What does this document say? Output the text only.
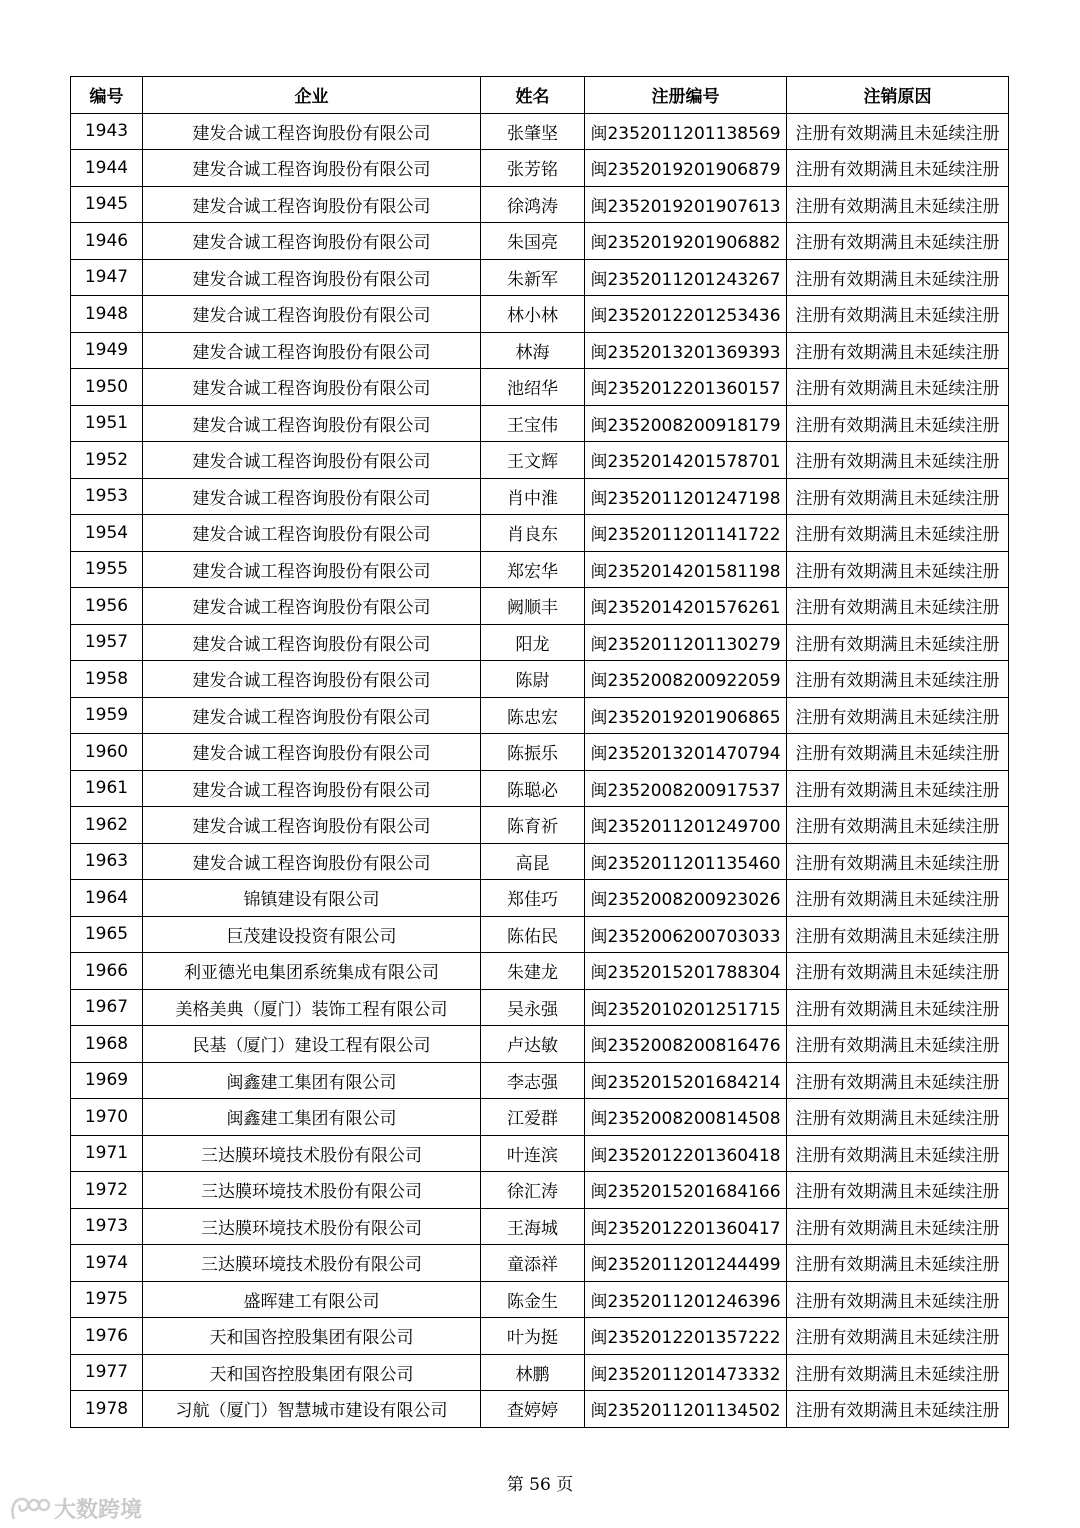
编号	企业	姓名	注册编号	注销原因
1943	建发合诚工程咨询股份有限公司	张肇坚	闽2352011201138569	注册有效期满且未延续注册
1944	建发合诚工程咨询股份有限公司	张芳铭	闽2352019201906879	注册有效期满且未延续注册
1945	建发合诚工程咨询股份有限公司	徐鸿涛	闽2352019201907613	注册有效期满且未延续注册
1946	建发合诚工程咨询股份有限公司	朱国亮	闽2352019201906882	注册有效期满且未延续注册
1947	建发合诚工程咨询股份有限公司	朱新军	闽2352011201243267	注册有效期满且未延续注册
1948	建发合诚工程咨询股份有限公司	林小林	闽2352012201253436	注册有效期满且未延续注册
1949	建发合诚工程咨询股份有限公司	林海	闽2352013201369393	注册有效期满且未延续注册
1950	建发合诚工程咨询股份有限公司	池绍华	闽2352012201360157	注册有效期满且未延续注册
1951	建发合诚工程咨询股份有限公司	王宝伟	闽2352008200918179	注册有效期满且未延续注册
1952	建发合诚工程咨询股份有限公司	王文辉	闽2352014201578701	注册有效期满且未延续注册
1953	建发合诚工程咨询股份有限公司	肖中淮	闽2352011201247198	注册有效期满且未延续注册
1954	建发合诚工程咨询股份有限公司	肖良东	闽2352011201141722	注册有效期满且未延续注册
1955	建发合诚工程咨询股份有限公司	郑宏华	闽2352014201581198	注册有效期满且未延续注册
1956	建发合诚工程咨询股份有限公司	阙顺丰	闽2352014201576261	注册有效期满且未延续注册
1957	建发合诚工程咨询股份有限公司	阳龙	闽2352011201130279	注册有效期满且未延续注册
1958	建发合诚工程咨询股份有限公司	陈尉	闽2352008200922059	注册有效期满且未延续注册
1959	建发合诚工程咨询股份有限公司	陈忠宏	闽2352019201906865	注册有效期满且未延续注册
1960	建发合诚工程咨询股份有限公司	陈振乐	闽2352013201470794	注册有效期满且未延续注册
1961	建发合诚工程咨询股份有限公司	陈聪必	闽2352008200917537	注册有效期满且未延续注册
1962	建发合诚工程咨询股份有限公司	陈育祈	闽2352011201249700	注册有效期满且未延续注册
1963	建发合诚工程咨询股份有限公司	高昆	闽2352011201135460	注册有效期满且未延续注册
1964	锦镇建设有限公司	郑佳巧	闽2352008200923026	注册有效期满且未延续注册
1965	巨茂建设投资有限公司	陈佑民	闽2352006200703033	注册有效期满且未延续注册
1966	利亚德光电集团系统集成有限公司	朱建龙	闽2352015201788304	注册有效期满且未延续注册
1967	美格美典（厦门）装饰工程有限公司	吴永强	闽2352010201251715	注册有效期满且未延续注册
1968	民基（厦门）建设工程有限公司	卢达敏	闽2352008200816476	注册有效期满且未延续注册
1969	闽鑫建工集团有限公司	李志强	闽2352015201684214	注册有效期满且未延续注册
1970	闽鑫建工集团有限公司	江爱群	闽2352008200814508	注册有效期满且未延续注册
1971	三达膜环境技术股份有限公司	叶连滨	闽2352012201360418	注册有效期满且未延续注册
1972	三达膜环境技术股份有限公司	徐汇涛	闽2352015201684166	注册有效期满且未延续注册
1973	三达膜环境技术股份有限公司	王海城	闽2352012201360417	注册有效期满且未延续注册
1974	三达膜环境技术股份有限公司	童添祥	闽2352011201244499	注册有效期满且未延续注册
1975	盛晖建工有限公司	陈金生	闽2352011201246396	注册有效期满且未延续注册
1976	天和国咨控股集团有限公司	叶为挺	闽2352012201357222	注册有效期满且未延续注册
1977	天和国咨控股集团有限公司	林鹏	闽2352011201473332	注册有效期满且未延续注册
1978	习航（厦门）智慧城市建设有限公司	查婷婷	闽2352011201134502	注册有效期满且未延续注册
第 56 页
大数跨境
